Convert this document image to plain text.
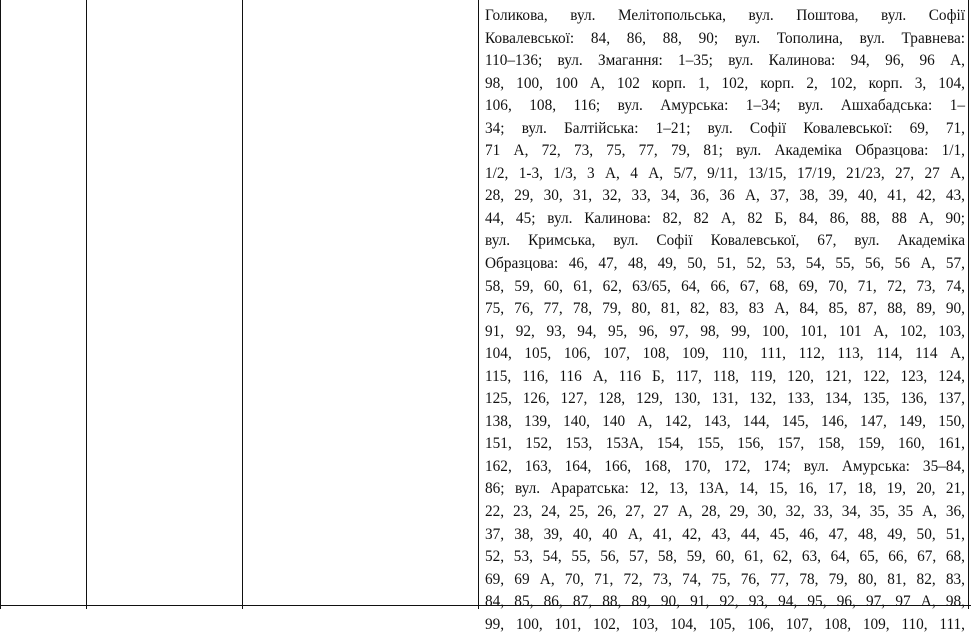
Голикова, вул. Мелітопольська, вул. Поштова, вул. Софії
Ковалевської: 84, 86, 88, 90; вул. Тополина, вул. Травнева:
110–136; вул. Змагання: 1–35; вул. Калинова: 94, 96, 96 А,
98, 100, 100 А, 102 корп. 1, 102, корп. 2, 102, корп. 3, 104,
106, 108, 116; вул. Амурська: 1–34; вул. Ашхабадська: 1–
34; вул. Балтійська: 1–21; вул. Софії Ковалевської: 69, 71,
71 А, 72, 73, 75, 77, 79, 81; вул. Академіка Образцова: 1/1,
1/2, 1-3, 1/3, 3 А, 4 А, 5/7, 9/11, 13/15, 17/19, 21/23, 27, 27 А,
28, 29, 30, 31, 32, 33, 34, 36, 36 А, 37, 38, 39, 40, 41, 42, 43,
44, 45; вул. Калинова: 82, 82 А, 82 Б, 84, 86, 88, 88 А, 90;
вул. Кримська, вул. Софії Ковалевської, 67, вул. Академіка
Образцова: 46, 47, 48, 49, 50, 51, 52, 53, 54, 55, 56, 56 А, 57,
58, 59, 60, 61, 62, 63/65, 64, 66, 67, 68, 69, 70, 71, 72, 73, 74,
75, 76, 77, 78, 79, 80, 81, 82, 83, 83 А, 84, 85, 87, 88, 89, 90,
91, 92, 93, 94, 95, 96, 97, 98, 99, 100, 101, 101 А, 102, 103,
104, 105, 106, 107, 108, 109, 110, 111, 112, 113, 114, 114 А,
115, 116, 116 А, 116 Б, 117, 118, 119, 120, 121, 122, 123, 124,
125, 126, 127, 128, 129, 130, 131, 132, 133, 134, 135, 136, 137,
138, 139, 140, 140 А, 142, 143, 144, 145, 146, 147, 149, 150,
151, 152, 153, 153А, 154, 155, 156, 157, 158, 159, 160, 161,
162, 163, 164, 166, 168, 170, 172, 174; вул. Амурська: 35–84,
86; вул. Араратська: 12, 13, 13А, 14, 15, 16, 17, 18, 19, 20, 21,
22, 23, 24, 25, 26, 27, 27 А, 28, 29, 30, 32, 33, 34, 35, 35 А, 36,
37, 38, 39, 40, 40 А, 41, 42, 43, 44, 45, 46, 47, 48, 49, 50, 51,
52, 53, 54, 55, 56, 57, 58, 59, 60, 61, 62, 63, 64, 65, 66, 67, 68,
69, 69 А, 70, 71, 72, 73, 74, 75, 76, 77, 78, 79, 80, 81, 82, 83,
84, 85, 86, 87, 88, 89, 90, 91, 92, 93, 94, 95, 96, 97, 97 А, 98,
99, 100, 101, 102, 103, 104, 105, 106, 107, 108, 109, 110, 111,
